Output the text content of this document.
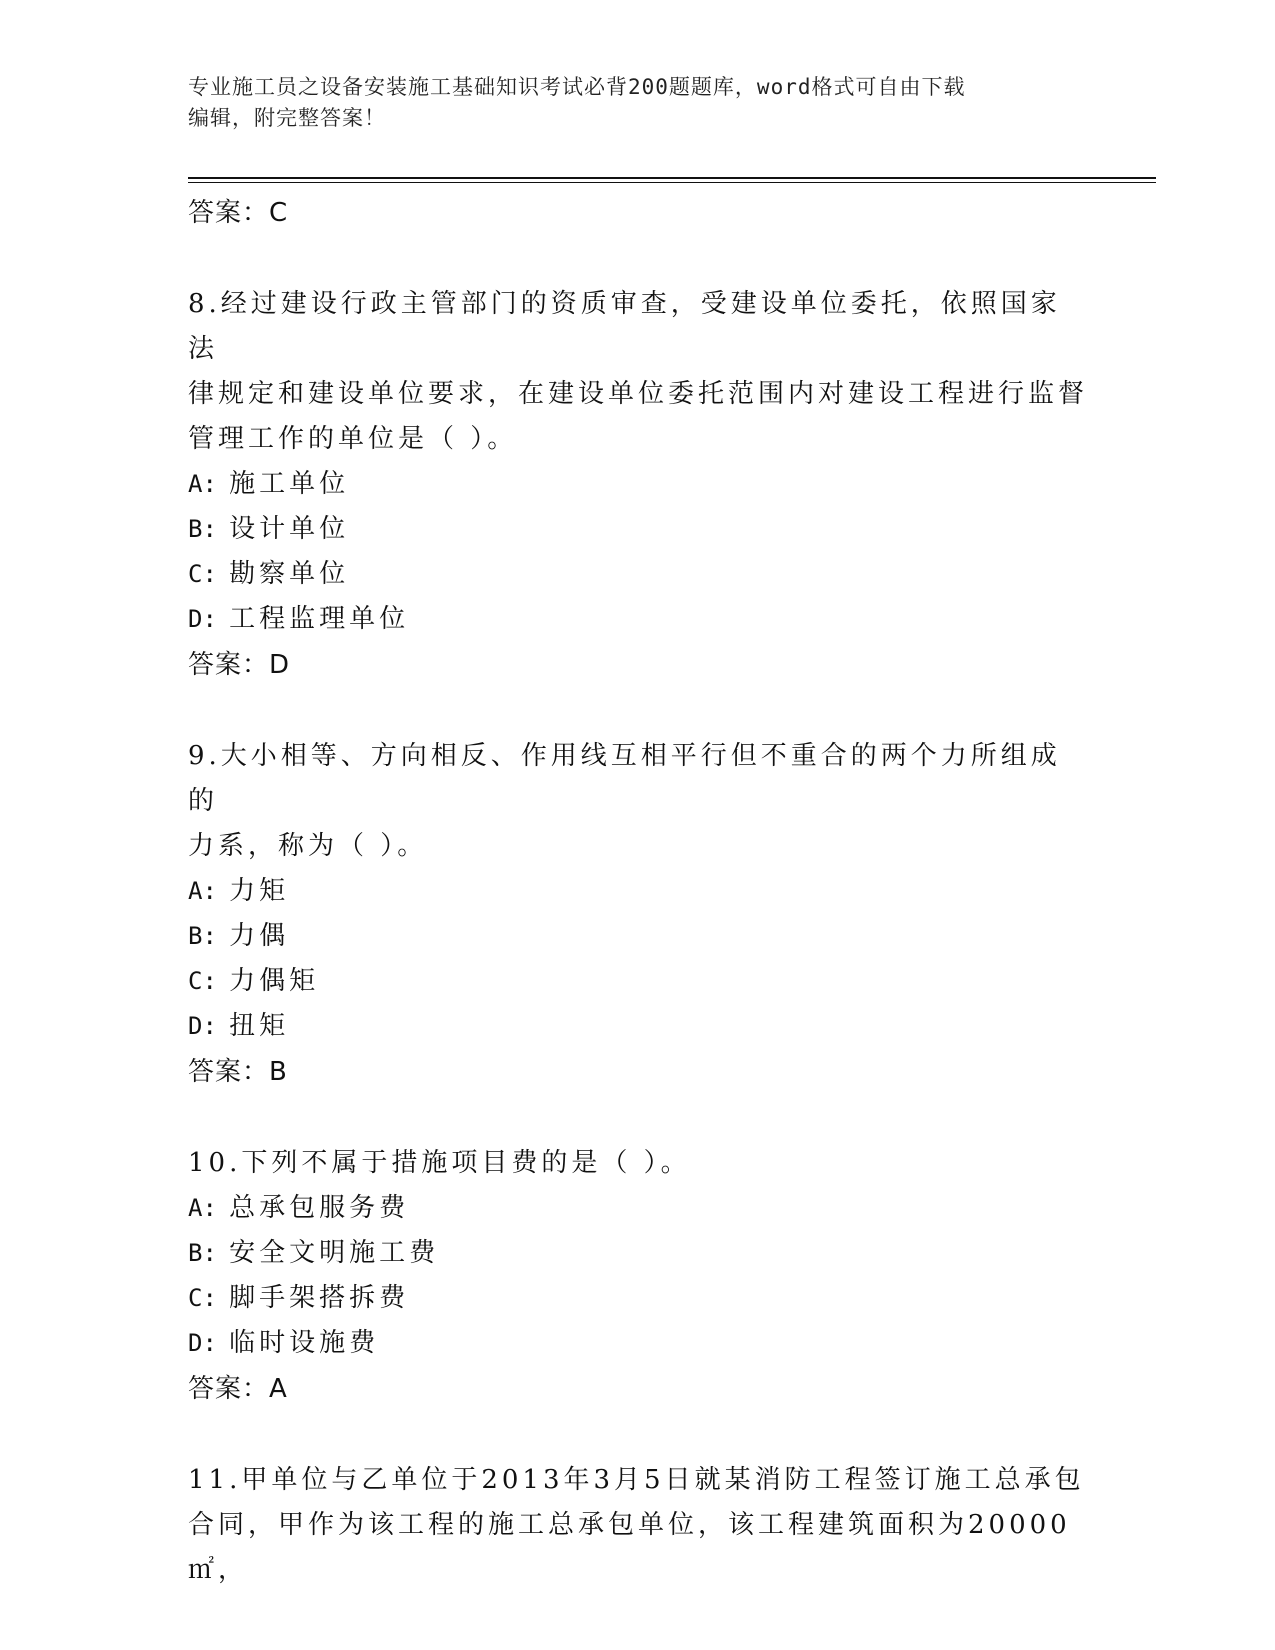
专业施工员之设备安装施工基础知识考试必背200题题库，word格式可自由下载
编辑，附完整答案！
答案：C

8.经过建设行政主管部门的资质审查，受建设单位委托，依照国家法

律规定和建设单位要求，在建设单位委托范围内对建设工程进行监督

管理工作的单位是（ ）。

A: 施工单位
B: 设计单位
C: 勘察单位
D: 工程监理单位
答案：D

9.大小相等、方向相反、作用线互相平行但不重合的两个力所组成的

力系，称为（ ）。

A: 力矩
B: 力偶
C: 力偶矩
D: 扭矩
答案：B

10.下列不属于措施项目费的是（ ）。

A: 总承包服务费
B: 安全文明施工费
C: 脚手架搭拆费
D: 临时设施费
答案：A

11.甲单位与乙单位于2013年3月5日就某消防工程签订施工总承包

合同，甲作为该工程的施工总承包单位，该工程建筑面积为20000㎡，
